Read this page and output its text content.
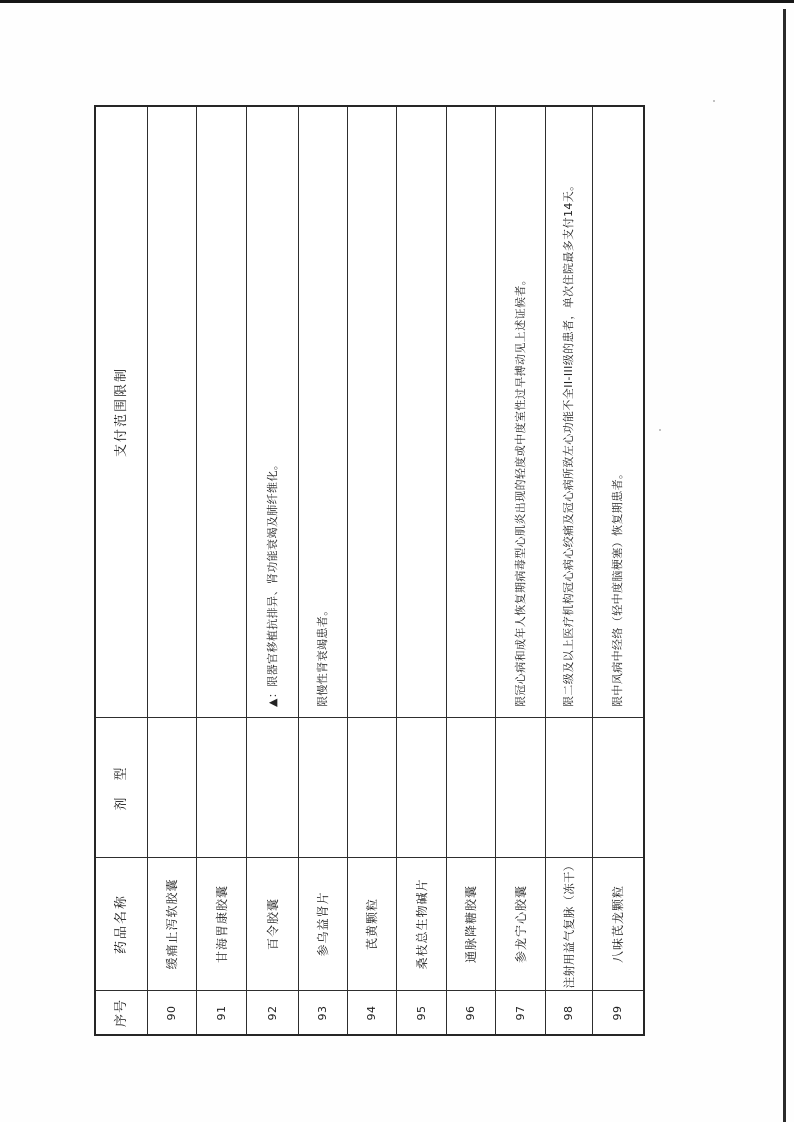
支付范围限制
剂　型
药品名称
序号
缓痛止泻软胶囊
90
甘海胃康胶囊
91
▲：限器官移植抗排异、肾功能衰竭及肺纤维化。
百令胶囊
92
限慢性肾衰竭患者。
参乌益肾片
93
芪黄颗粒
94
桑枝总生物碱片
95
通脉降糖胶囊
96
限冠心病和成年人恢复期病毒型心肌炎出现的轻度或中度室性过早搏动见上述证候者。
参龙宁心胶囊
97
限二级及以上医疗机构冠心病心绞痛及冠心病所致左心功能不全II-III级的患者，单次住院最多支付14天。
注射用益气复脉（冻干）
98
限中风病中经络（轻中度脑梗塞）恢复期患者。
八味芪龙颗粒
99
